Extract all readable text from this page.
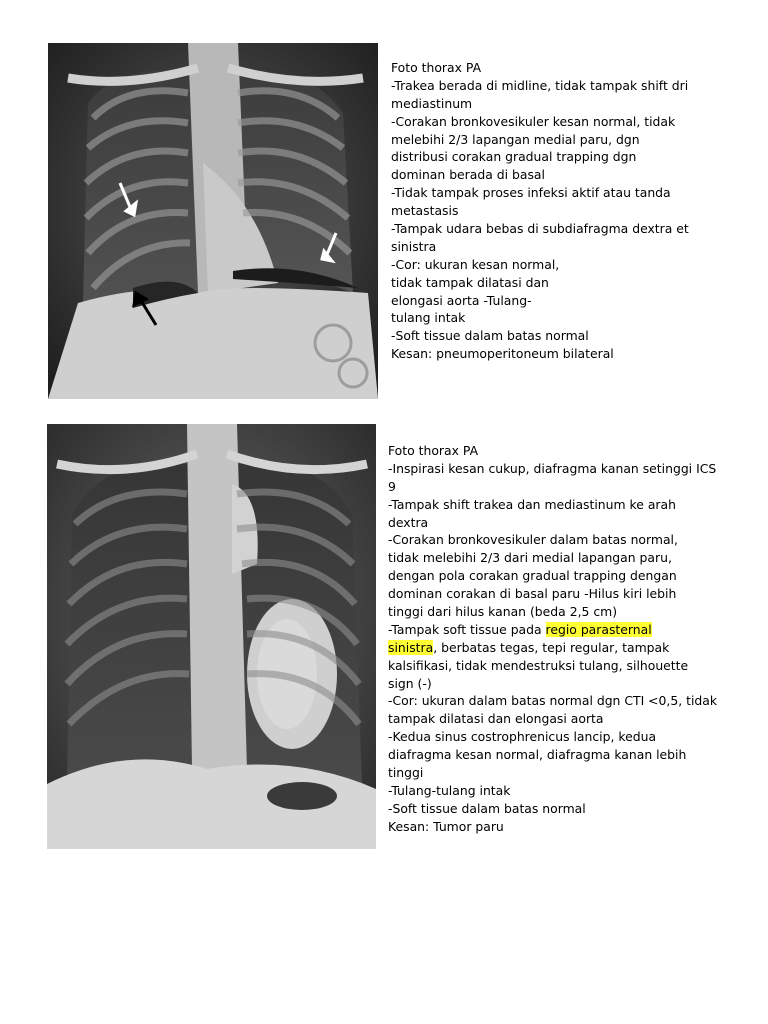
Foto thorax PA
-Trakea berada di midline, tidak tampak shift dri
mediastinum
-Corakan bronkovesikuler kesan normal, tidak
melebihi 2/3 lapangan medial paru, dgn
distribusi corakan gradual trapping dgn
dominan berada di basal
-Tidak tampak proses infeksi aktif atau tanda
metastasis
-Tampak udara bebas di subdiafragma dextra et
sinistra
-Cor: ukuran kesan normal,
tidak tampak dilatasi dan
elongasi aorta -Tulang-
tulang intak
-Soft tissue dalam batas normal
Kesan: pneumoperitoneum bilateral
Foto thorax PA
-Inspirasi kesan cukup, diafragma kanan setinggi ICS
9
-Tampak shift trakea dan mediastinum ke arah
dextra
-Corakan bronkovesikuler dalam batas normal,
tidak melebihi 2/3 dari medial lapangan paru,
dengan pola corakan gradual trapping dengan
dominan corakan di basal paru -Hilus kiri lebih
tinggi dari hilus kanan (beda 2,5 cm)
-Tampak soft tissue pada regio parasternal
sinistra, berbatas tegas, tepi regular, tampak
kalsifikasi, tidak mendestruksi tulang, silhouette
sign (-)
-Cor: ukuran dalam batas normal dgn CTI <0,5, tidak
tampak dilatasi dan elongasi aorta
-Kedua sinus costrophrenicus lancip, kedua
diafragma kesan normal, diafragma kanan lebih
tinggi
-Tulang-tulang intak
-Soft tissue dalam batas normal
Kesan: Tumor paru
